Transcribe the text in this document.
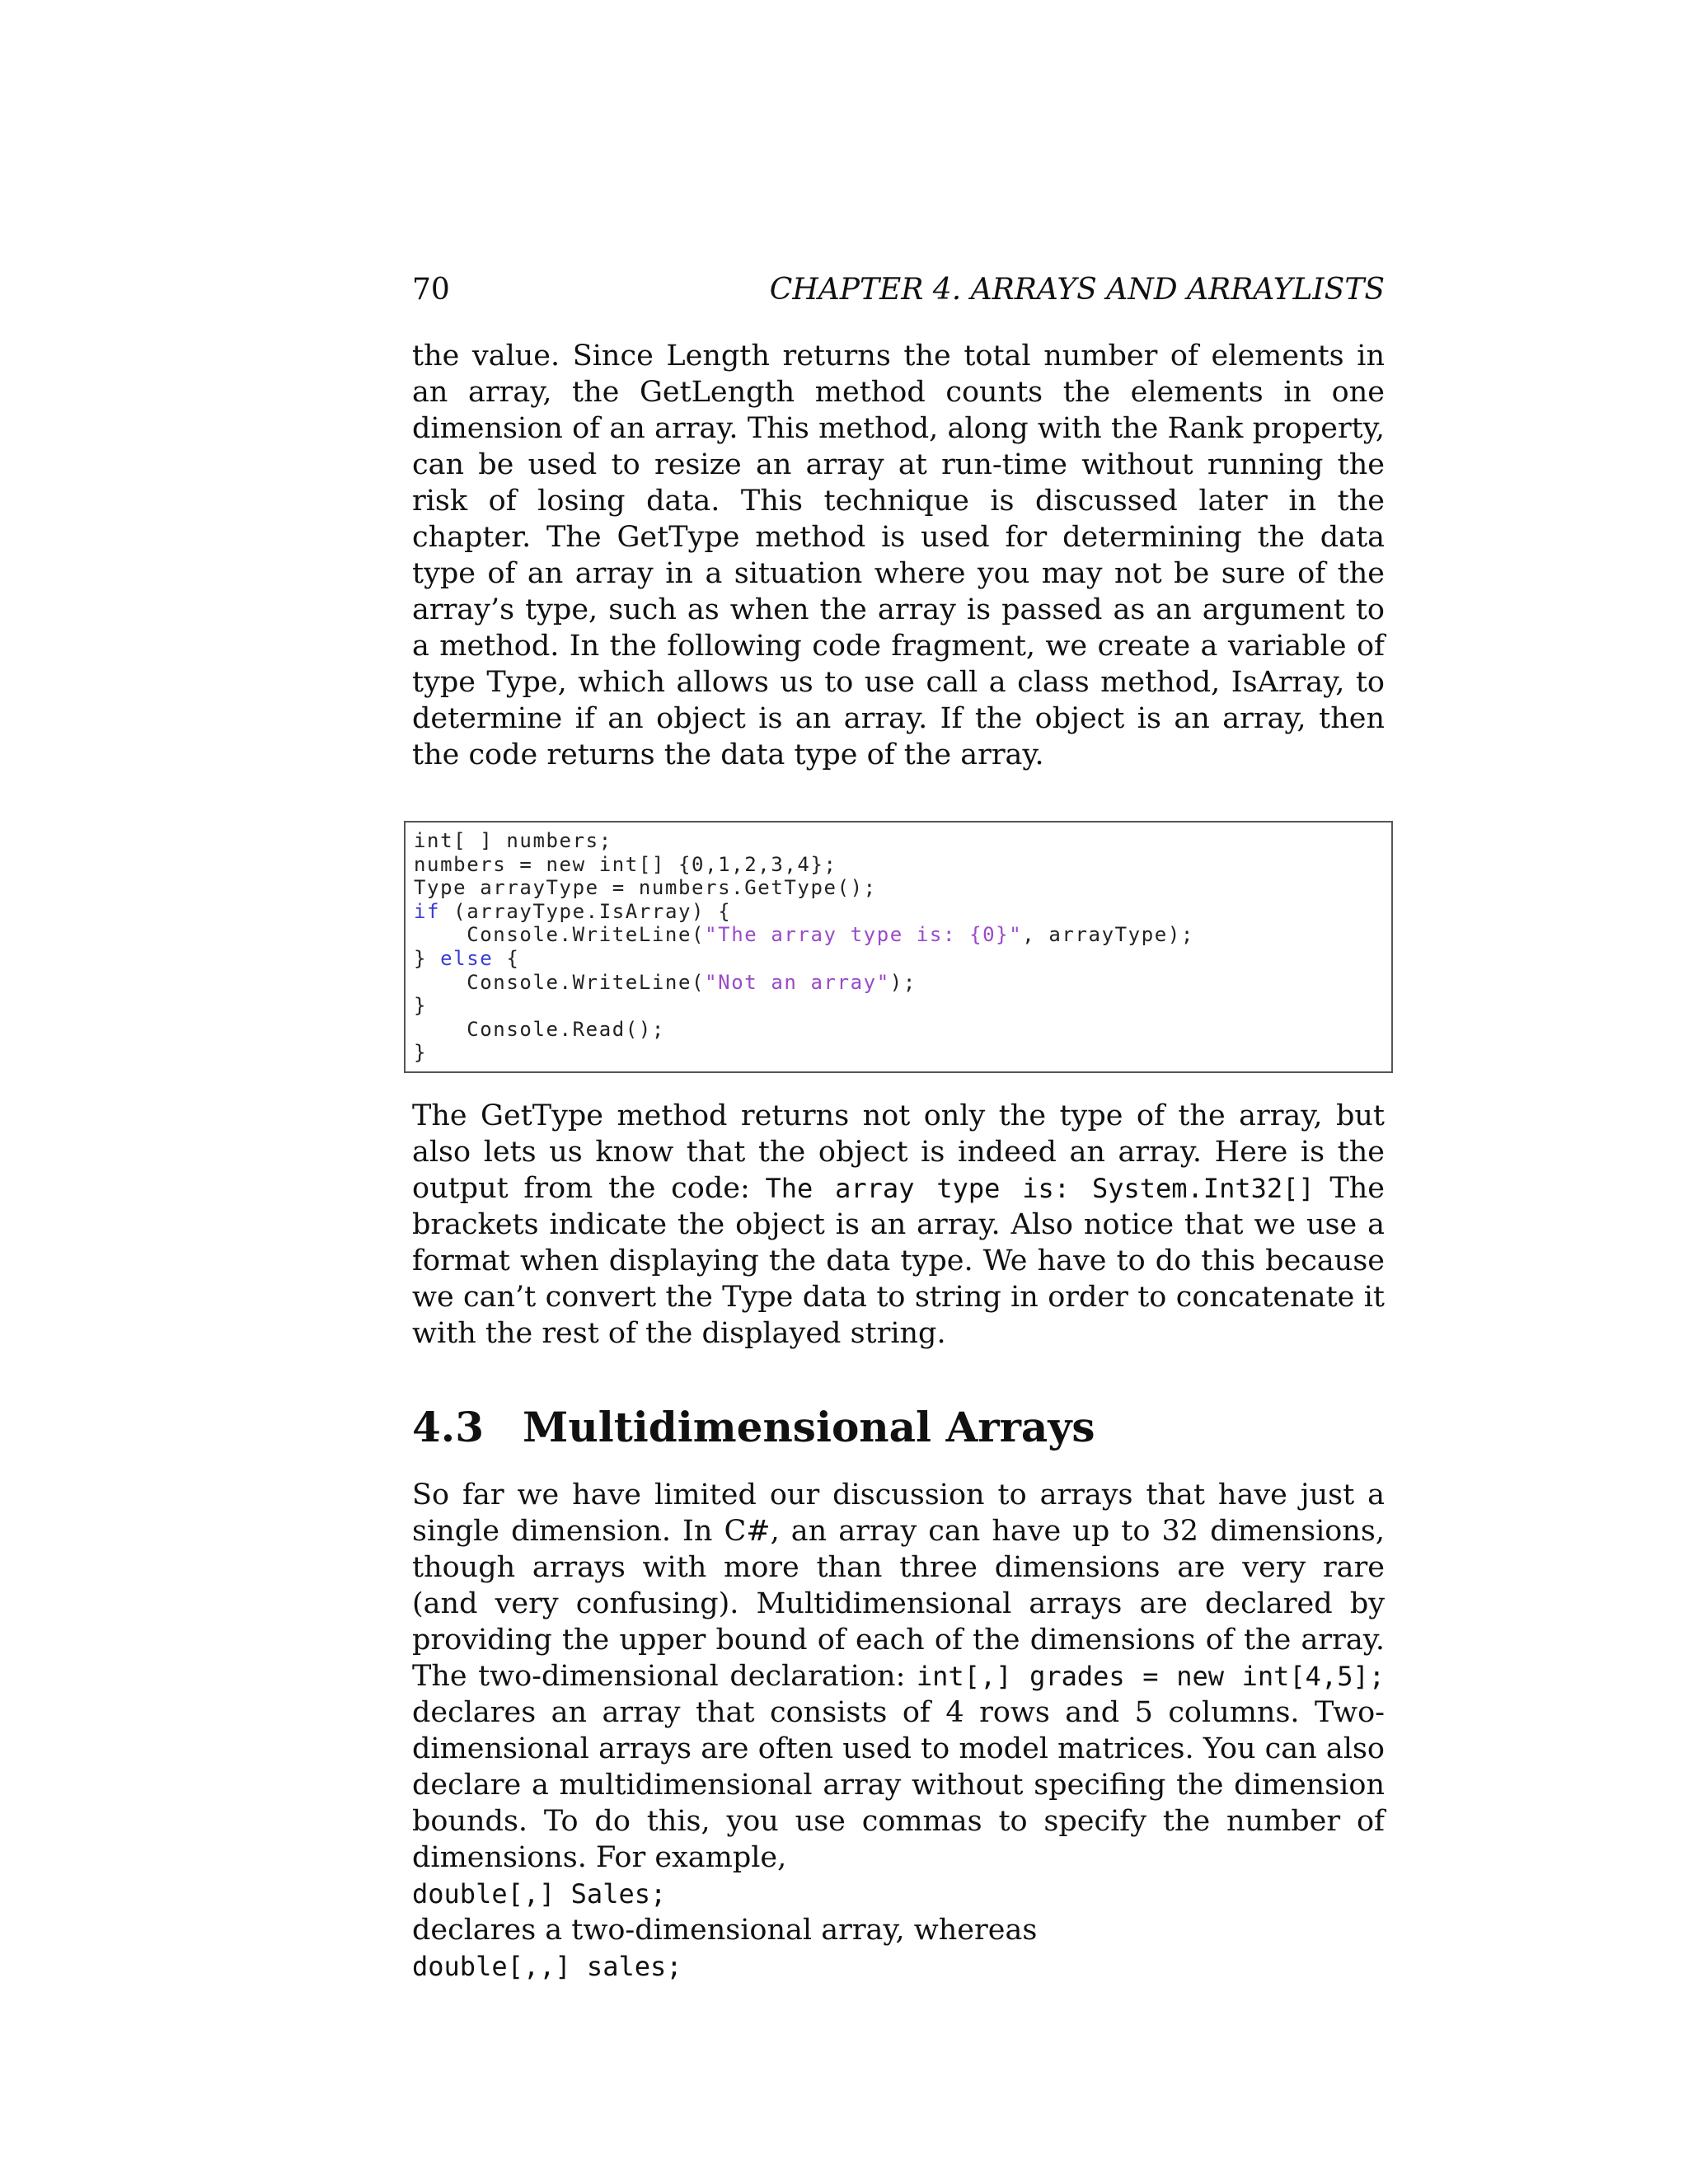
70	CHAPTER 4. ARRAYS AND ARRAYLISTS

the value. Since Length returns the total number of elements in an array, the GetLength method counts the elements in one dimension of an array. This method, along with the Rank property, can be used to resize an array at run-time without running the risk of losing data. This technique is discussed later in the chapter. The GetType method is used for determining the data type of an array in a situation where you may not be sure of the array’s type, such as when the array is passed as an argument to a method. In the following code fragment, we create a variable of type Type, which allows us to use call a class method, IsArray, to determine if an object is an array. If the object is an array, then the code returns the data type of the array.

int[ ] numbers;
numbers = new int[] {0,1,2,3,4};
Type arrayType = numbers.GetType();
if (arrayType.IsArray) {
Console.WriteLine("The array type is: {0}", arrayType);
} else {
Console.WriteLine("Not an array");
}
Console.Read();
}

The GetType method returns not only the type of the array, but also lets us know that the object is indeed an array. Here is the output from the code: The array type is: System.Int32[] The brackets indicate the object is an array. Also notice that we use a format when displaying the data type. We have to do this because we can’t convert the Type data to string in order to concatenate it with the rest of the displayed string.

4.3 Multidimensional Arrays

So far we have limited our discussion to arrays that have just a single dimension. In C#, an array can have up to 32 dimensions, though arrays with more than three dimensions are very rare (and very confusing). Multidimensional arrays are declared by providing the upper bound of each of the dimensions of the array. The two-dimensional declaration: int[,] grades = new int[4,5]; declares an array that consists of 4 rows and 5 columns. Two-dimensional arrays are often used to model matrices. You can also declare a multidimensional array without specifing the dimension bounds. To do this, you use commas to specify the number of dimensions. For example,
double[,] Sales;
declares a two-dimensional array, whereas
double[,,] sales;
